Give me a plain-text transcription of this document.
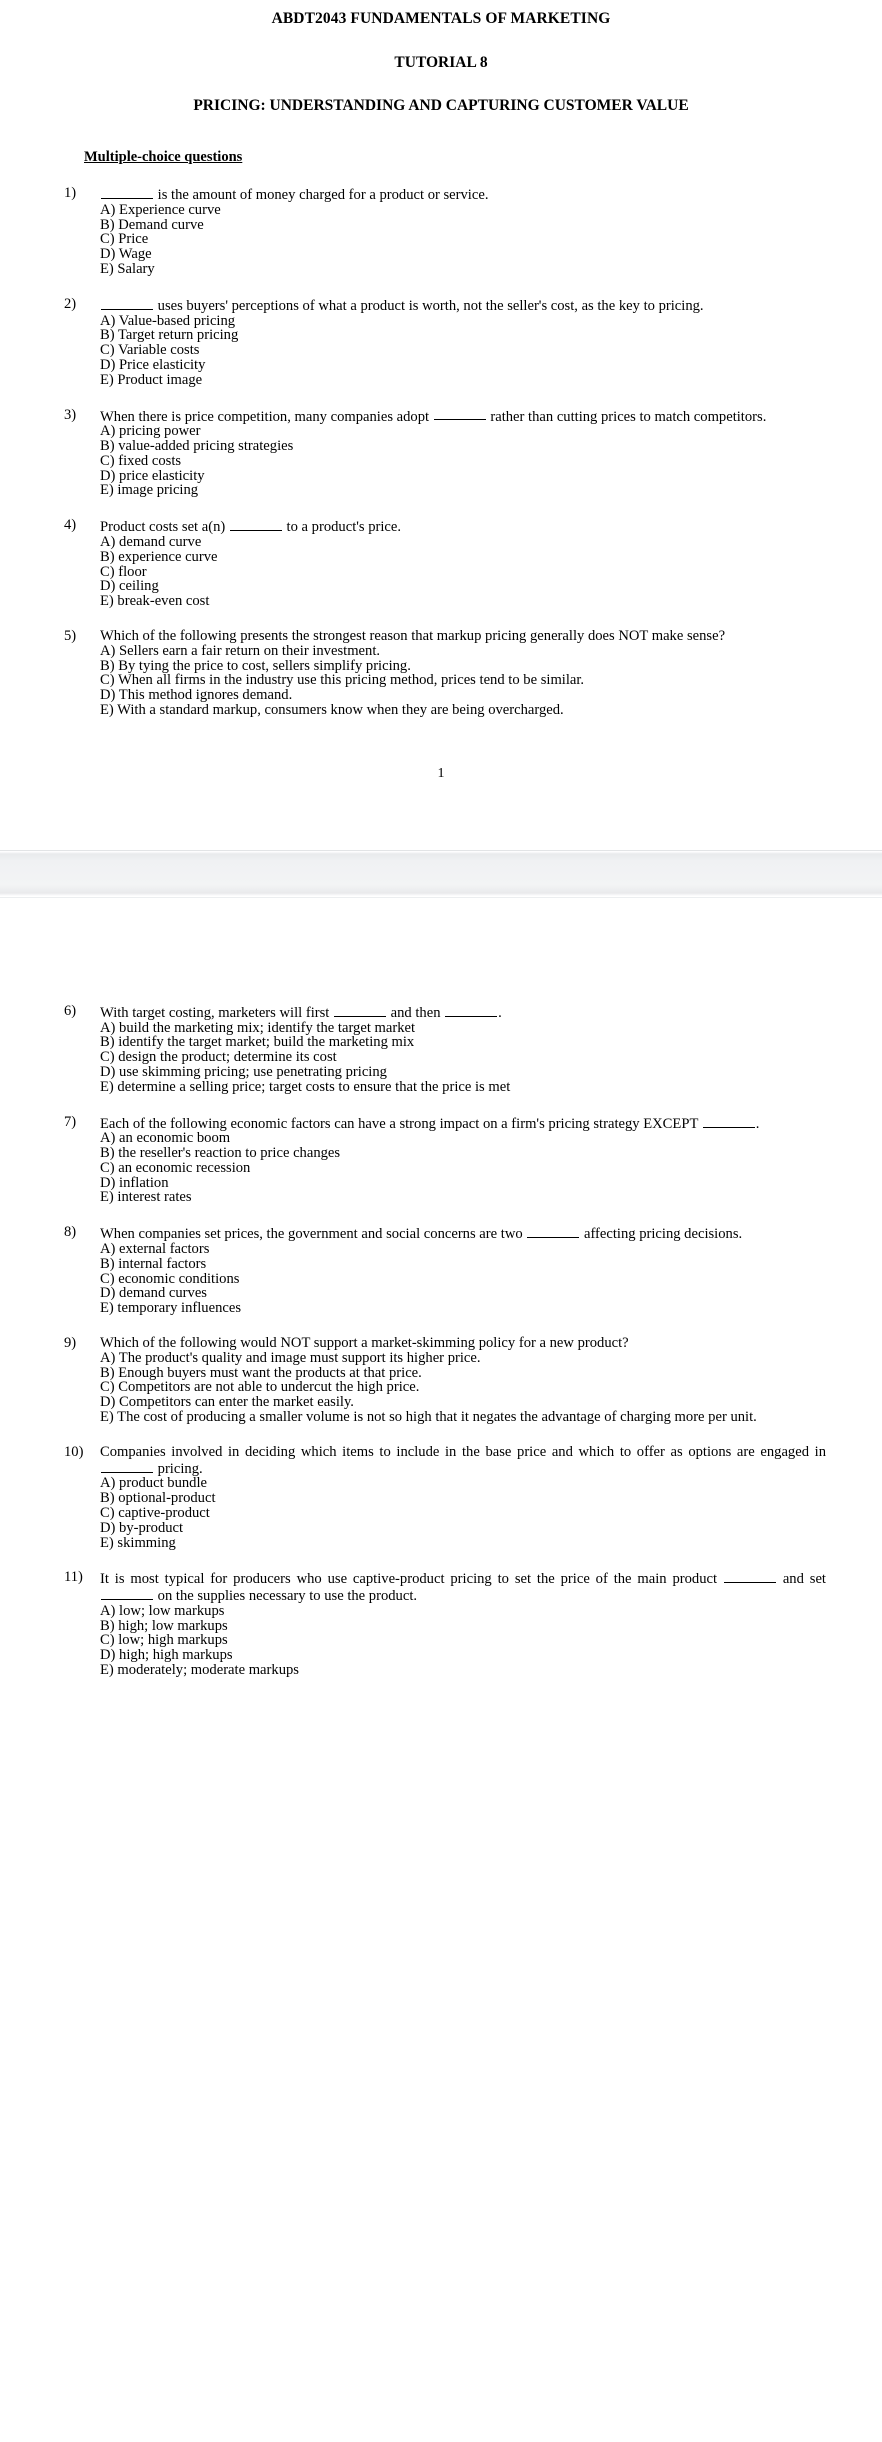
ABDT2043 FUNDAMENTALS OF MARKETING
TUTORIAL 8
PRICING: UNDERSTANDING AND CAPTURING CUSTOMER VALUE
Multiple-choice questions
1)	is the amount of money charged for a product or service.

A) Experience curve
B) Demand curve
C) Price
D) Wage
E) Salary
2)	uses buyers' perceptions of what a product is worth, not the seller's cost, as the key to pricing.

A) Value-based pricing
B) Target return pricing
C) Variable costs
D) Price elasticity
E) Product image
3)	When there is price competition, many companies adopt	rather than cutting prices to match competitors.

A) pricing power
B) value-added pricing strategies
C) fixed costs
D) price elasticity
E) image pricing
4)	Product costs set a(n)	to a product's price.

A) demand curve
B) experience curve
C) floor
D) ceiling
E) break-even cost
5)	Which of the following presents the strongest reason that markup pricing generally does NOT make sense?

A) Sellers earn a fair return on their investment.
B) By tying the price to cost, sellers simplify pricing.
C) When all firms in the industry use this pricing method, prices tend to be similar.
D) This method ignores demand.
E) With a standard markup, consumers know when they are being overcharged.
1
6)	With target costing, marketers will first	and then	.

A) build the marketing mix; identify the target market
B) identify the target market; build the marketing mix
C) design the product; determine its cost
D) use skimming pricing; use penetrating pricing
E) determine a selling price; target costs to ensure that the price is met
7)	Each of the following economic factors can have a strong impact on a firm's pricing strategy EXCEPT	.

A) an economic boom
B) the reseller's reaction to price changes
C) an economic recession
D) inflation
E) interest rates
8)	When companies set prices, the government and social concerns are two	affecting pricing decisions.

A) external factors
B) internal factors
C) economic conditions
D) demand curves
E) temporary influences
9)	Which of the following would NOT support a market-skimming policy for a new product?

A) The product's quality and image must support its higher price.
B) Enough buyers must want the products at that price.
C) Competitors are not able to undercut the high price.
D) Competitors can enter the market easily.
E) The cost of producing a smaller volume is not so high that it negates the advantage of charging more per unit.
10)	Companies involved in deciding which items to include in the base price and which to offer as options are engaged in  pricing.

A) product bundle
B) optional-product
C) captive-product
D) by-product
E) skimming
11)	It is most typical for producers who use captive-product pricing to set the price of the main product	and set  on the supplies necessary to use the product.

A) low; low markups
B) high; low markups
C) low; high markups
D) high; high markups
E) moderately; moderate markups
